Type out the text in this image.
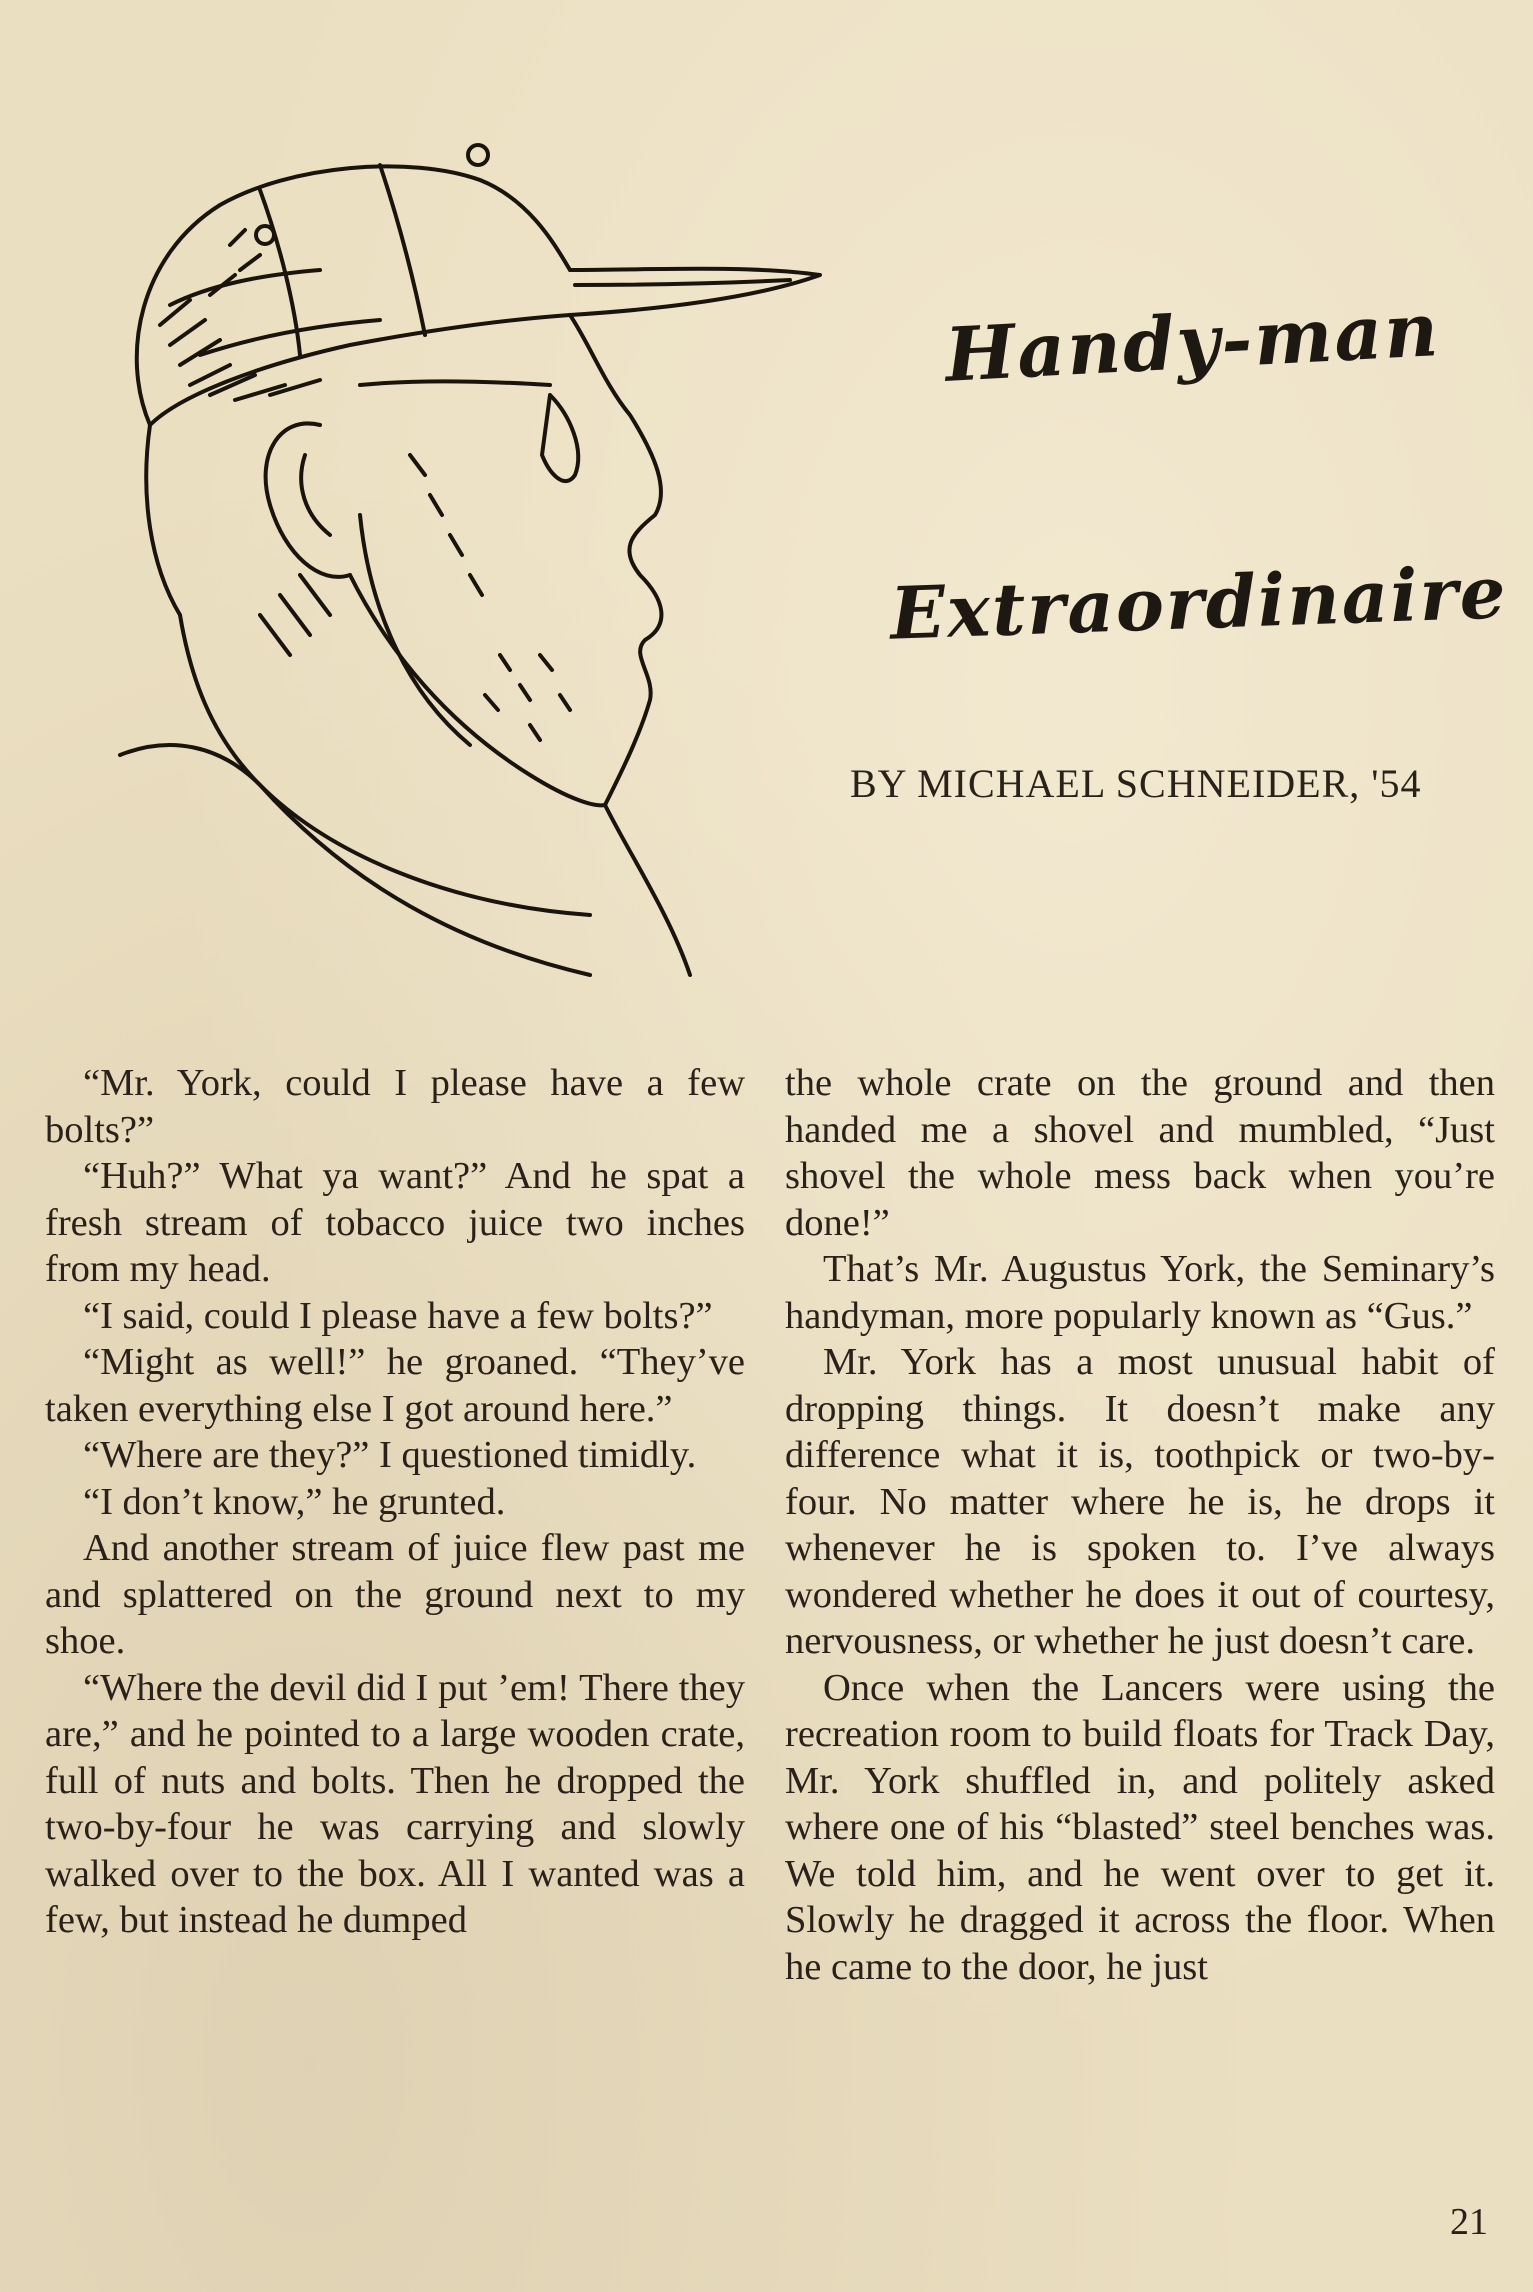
Handy-man
Extraordinaire
BY MICHAEL SCHNEIDER, '54

“Mr. York, could I please have a few bolts?”

“Huh?” What ya want?” And he spat a fresh stream of tobacco juice two inches from my head.

“I said, could I please have a few bolts?”

“Might as well!” he groaned. “They’ve taken everything else I got around here.”

“Where are they?” I questioned timidly.

“I don’t know,” he grunted.

And another stream of juice flew past me and splattered on the ground next to my shoe.

“Where the devil did I put ’em! There they are,” and he pointed to a large wooden crate, full of nuts and bolts. Then he dropped the two-by-four he was carrying and slowly walked over to the box. All I wanted was a few, but instead he dumped

the whole crate on the ground and then handed me a shovel and mumbled, “Just shovel the whole mess back when you’re done!”

That’s Mr. Augustus York, the Seminary’s handyman, more popularly known as “Gus.”

Mr. York has a most unusual habit of dropping things. It doesn’t make any difference what it is, toothpick or two-by-four. No matter where he is, he drops it whenever he is spoken to. I’ve always wondered whether he does it out of courtesy, nervousness, or whether he just doesn’t care.

Once when the Lancers were using the recreation room to build floats for Track Day, Mr. York shuffled in, and politely asked where one of his “blasted” steel benches was. We told him, and he went over to get it. Slowly he dragged it across the floor. When he came to the door, he just

21
